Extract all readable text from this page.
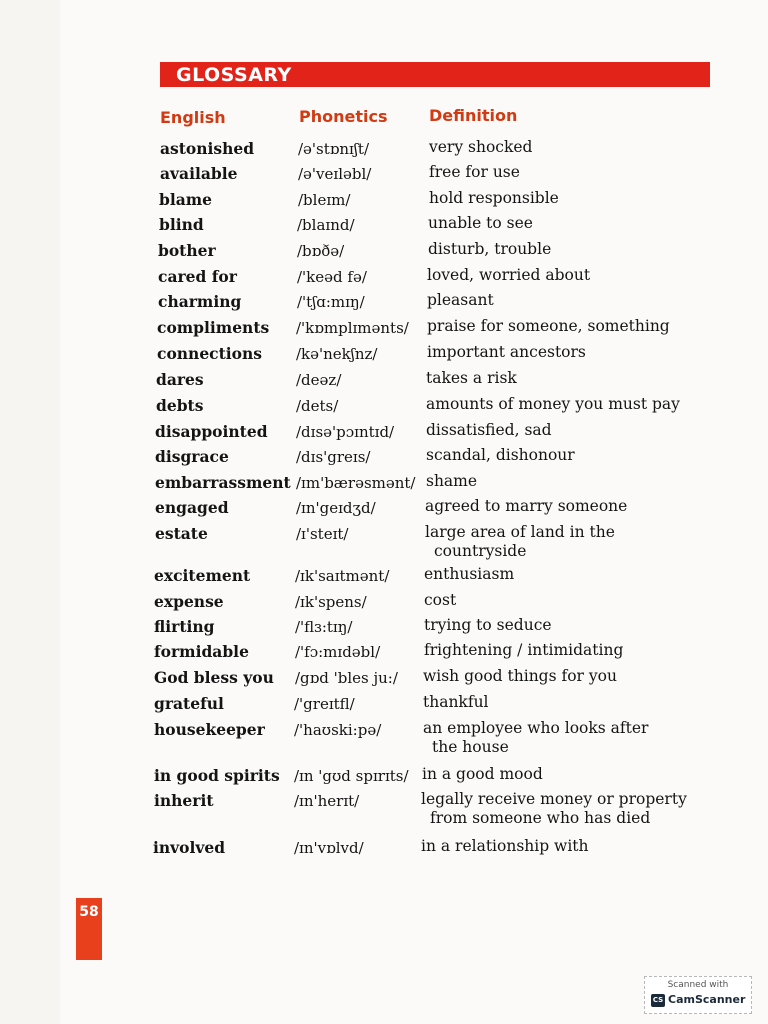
GLOSSARY
English	Phonetics	Definition
astonished	/ə'stɒnɪʃt/	very shocked
available	/ə'veɪləbl/	free for use
blame	/bleɪm/	hold responsible
blind	/blaɪnd/	unable to see
bother	/bɒðə/	disturb, trouble
cared for	/'keəd fə/	loved, worried about
charming	/'tʃɑ:mɪŋ/	pleasant
compliments /'kɒmplɪmənts/ praise for someone, something
connections /kə'nekʃnz/	important ancestors
dares	/deəz/	takes a risk
debts	/dets/	amounts of money you must pay
disappointed /dɪsə'pɔɪntɪd/ dissatisfied, sad
disgrace	/dɪs'greɪs/	scandal, dishonour
embarrassment /ɪm'bærəsmənt/ shame
engaged	/ɪn'geɪdʒd/	agreed to marry someone
estate	/ɪ'steɪt/	large area of land in the
countryside
excitement	/ɪk'saɪtmənt/ enthusiasm
expense	/ɪk'spens/	cost
flirting	/'flɜ:tɪŋ/	trying to seduce
formidable	/'fɔ:mɪdəbl/	frightening / intimidating
God bless you /gɒd 'bles ju:/ wish good things for you
grateful	/'greɪtfl/	thankful
housekeeper /'haʊski:pə/	an employee who looks after
the house
in good spirits /ɪn 'gʊd spɪrɪts/ in a good mood
inherit	/ɪn'herɪt/	legally receive money or property
from someone who has died
involved	/ɪn'vɒlvd/	in a relationship with
58
Scanned with
CS CamScanner
